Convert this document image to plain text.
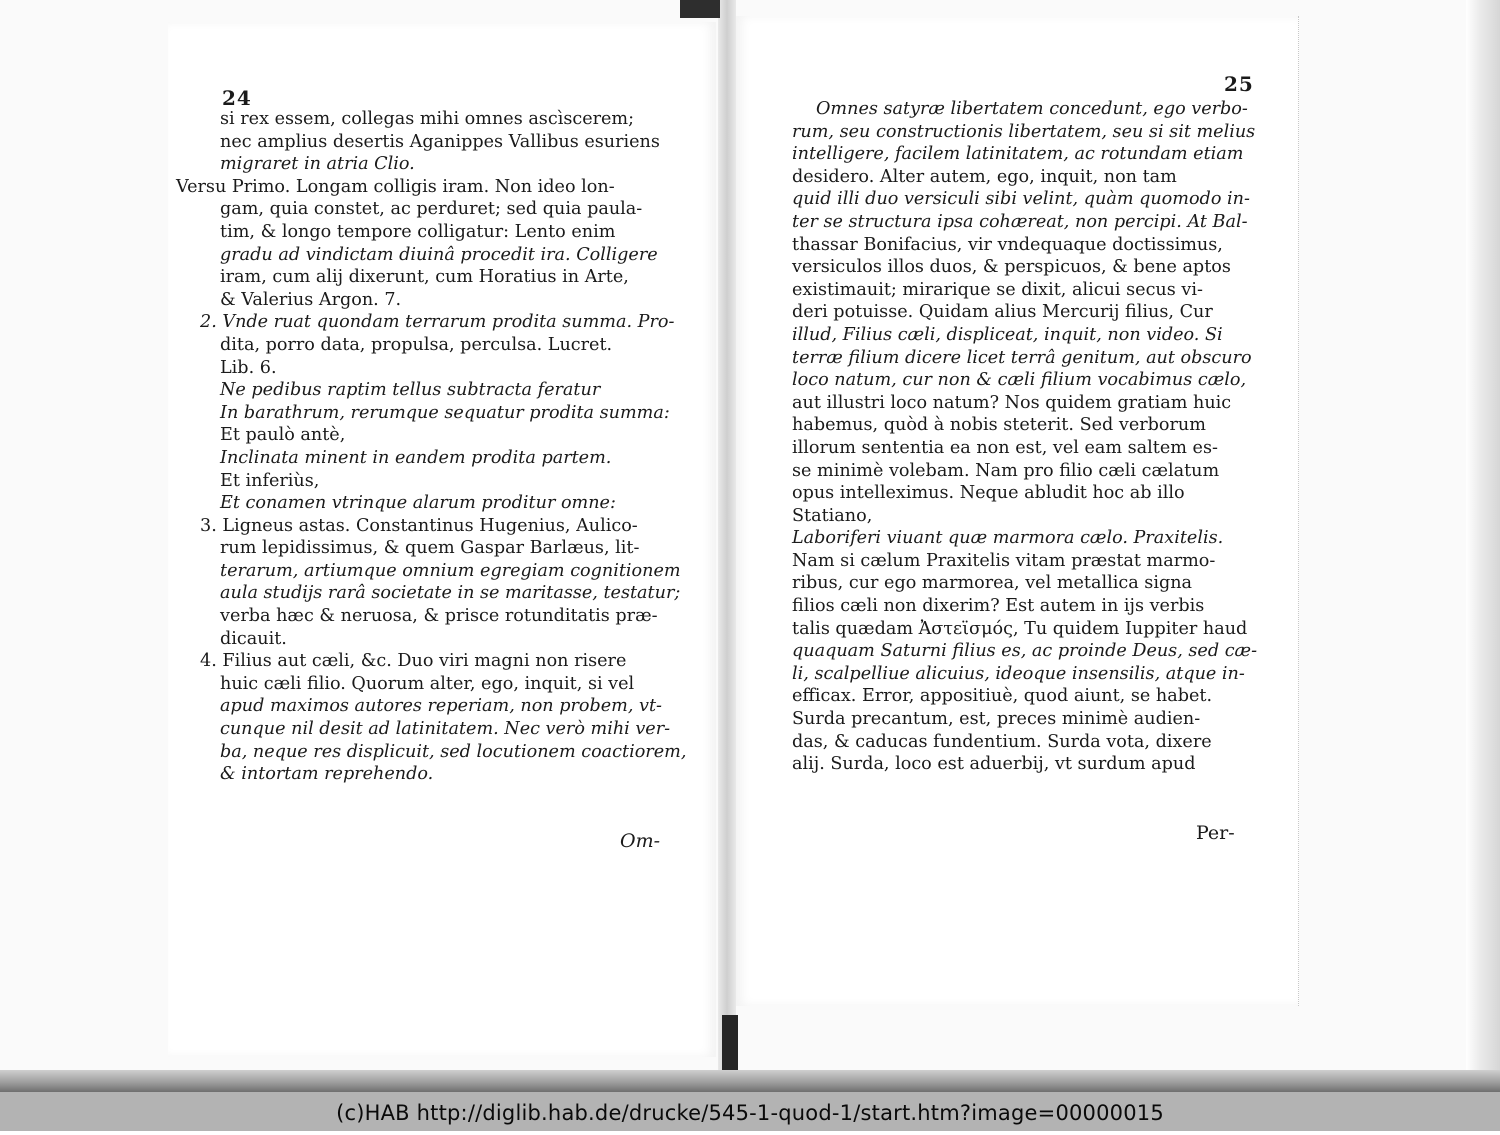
24
si rex essem, collegas mihi omnes ascìscerem;
nec amplius desertis Aganippes Vallibus esuriens
migraret in atria Clio.
Versu Primo. Longam colligis iram. Non ideo lon-
gam, quia constet, ac perduret; sed quia paula-
tim, & longo tempore colligatur: Lento enim
gradu ad vindictam diuinâ procedit ira. Colligere
iram, cum alij dixerunt, cum Horatius in Arte,
& Valerius Argon. 7.
2. Vnde ruat quondam terrarum prodita summa. Pro-
dita, porro data, propulsa, perculsa. Lucret.
Lib. 6.
Ne pedibus raptim tellus subtracta feratur
In barathrum, rerumque sequatur prodita summa:
Et paulò antè,
Inclinata minent in eandem prodita partem.
Et inferiùs,
Et conamen vtrinque alarum proditur omne:
3. Ligneus astas. Constantinus Hugenius, Aulico-
rum lepidissimus, & quem Gaspar Barlæus, lit-
terarum, artiumque omnium egregiam cognitionem
aula studijs rarâ societate in se maritasse, testatur;
verba hæc & neruosa, & prisce rotunditatis præ-
dicauit.
4. Filius aut cæli, &c. Duo viri magni non risere
huic cæli filio. Quorum alter, ego, inquit, si vel
apud maximos autores reperiam, non probem, vt-
cunque nil desit ad latinitatem. Nec verò mihi ver-
ba, neque res displicuit, sed locutionem coactiorem,
& intortam reprehendo.
Om-
25
Omnes satyræ libertatem concedunt, ego verbo-
rum, seu constructionis libertatem, seu si sit melius
intelligere, facilem latinitatem, ac rotundam etiam
desidero. Alter autem, ego, inquit, non tam
quid illi duo versiculi sibi velint, quàm quomodo in-
ter se structura ipsa cohæreat, non percipi. At Bal-
thassar Bonifacius, vir vndequaque doctissimus,
versiculos illos duos, & perspicuos, & bene aptos
existimauit; mirarique se dixit, alicui secus vi-
deri potuisse. Quidam alius Mercurij filius, Cur
illud, Filius cæli, displiceat, inquit, non video. Si
terræ filium dicere licet terrâ genitum, aut obscuro
loco natum, cur non & cæli filium vocabimus cælo,
aut illustri loco natum? Nos quidem gratiam huic
habemus, quòd à nobis steterit. Sed verborum
illorum sententia ea non est, vel eam saltem es-
se minimè volebam. Nam pro filio cæli cælatum
opus intelleximus. Neque abludit hoc ab illo
Statiano,
Laboriferi viuant quæ marmora cælo. Praxitelis.
Nam si cælum Praxitelis vitam præstat marmo-
ribus, cur ego marmorea, vel metallica signa
filios cæli non dixerim? Est autem in ijs verbis
talis quædam Ἀστεϊσμός, Tu quidem Iuppiter haud
quaquam Saturni filius es, ac proinde Deus, sed cæ-
li, scalpelliue alicuius, ideoque insensilis, atque in-
efficax. Error, appositiuè, quod aiunt, se habet.
Surda precantum, est, preces minimè audien-
das, & caducas fundentium. Surda vota, dixere
alij. Surda, loco est aduerbij, vt surdum apud
Per-
(c)HAB http://diglib.hab.de/drucke/545-1-quod-1/start.htm?image=00000015
